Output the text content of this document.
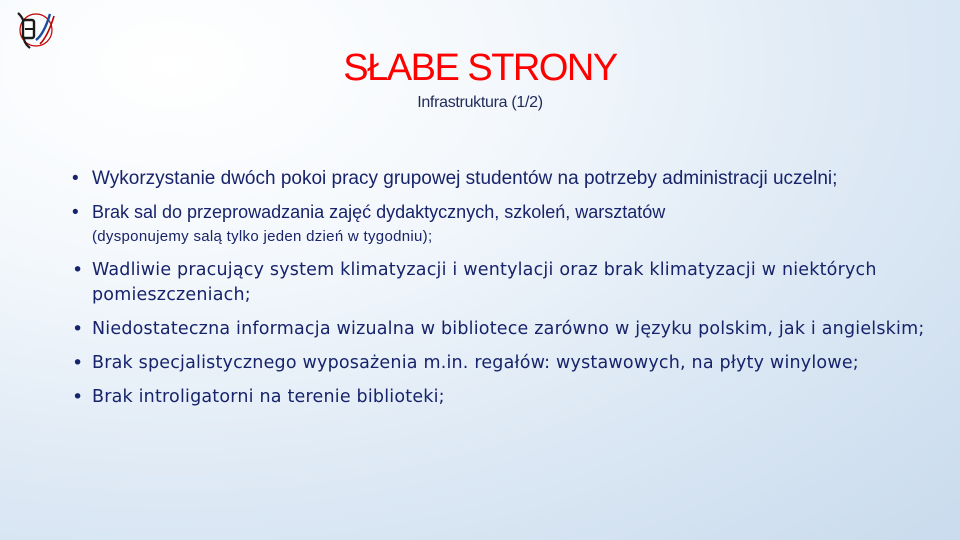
SŁABE STRONY
Infrastruktura (1/2)
• Wykorzystanie dwóch pokoi pracy grupowej studentów na potrzeby administracji uczelni;
• Brak sal do przeprowadzania zajęć dydaktycznych, szkoleń, warsztatów
(dysponujemy salą tylko jeden dzień w tygodniu);
• Wadliwie pracujący system klimatyzacji i wentylacji oraz brak klimatyzacji w niektórych pomieszczeniach;
• Niedostateczna informacja wizualna w bibliotece zarówno w języku polskim, jak i angielskim;
• Brak specjalistycznego wyposażenia m.in. regałów: wystawowych, na płyty winylowe;
• Brak introligatorni na terenie biblioteki;
